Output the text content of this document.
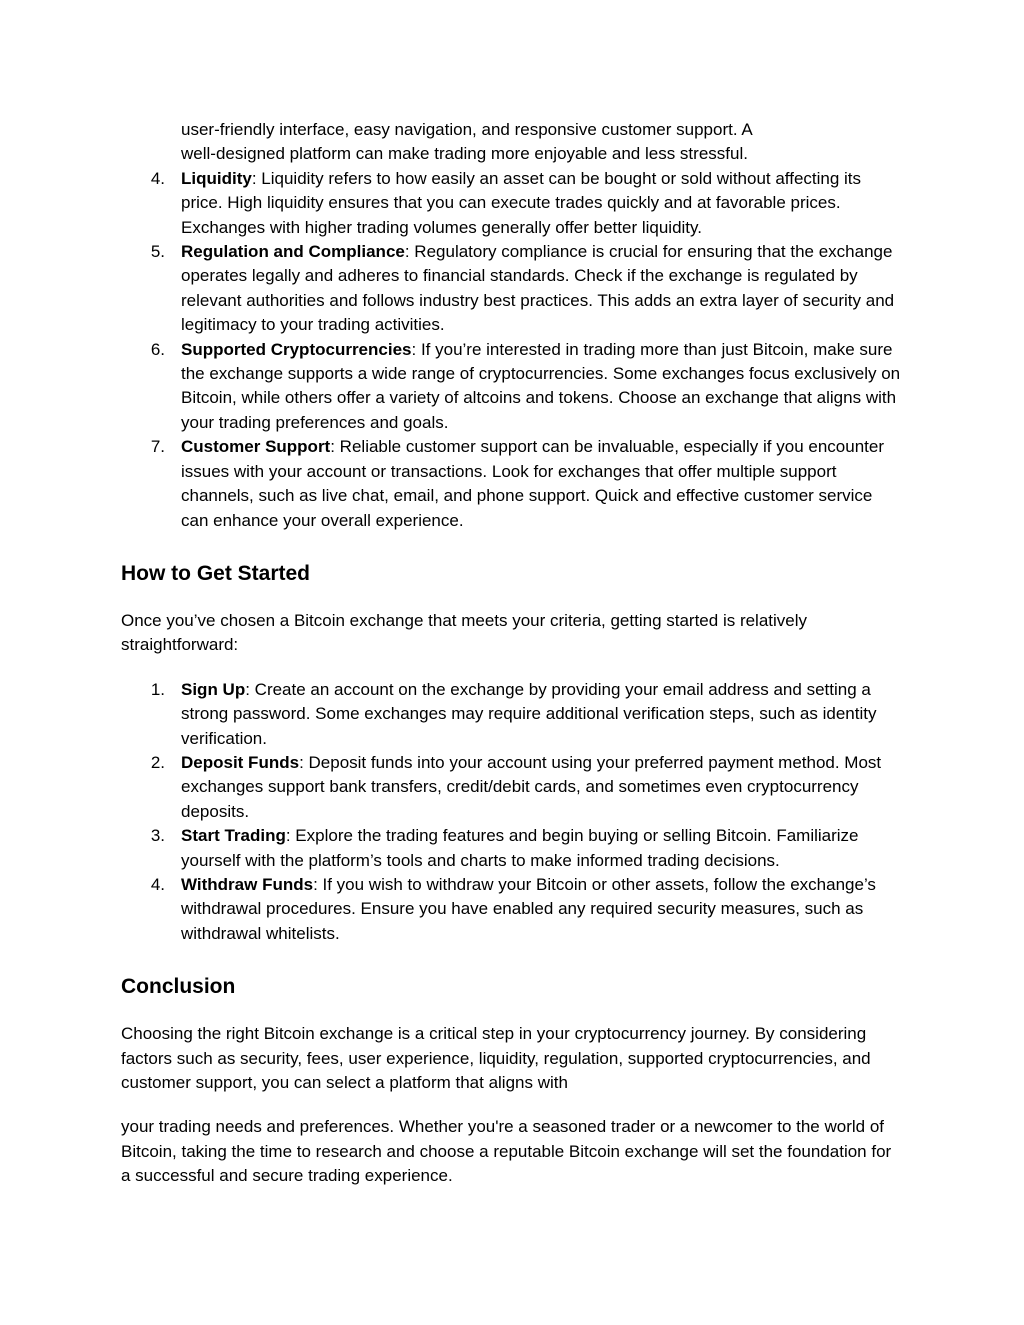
user-friendly interface, easy navigation, and responsive customer support. A
well-designed platform can make trading more enjoyable and less stressful.
4. Liquidity: Liquidity refers to how easily an asset can be bought or sold without affecting its price. High liquidity ensures that you can execute trades quickly and at favorable prices. Exchanges with higher trading volumes generally offer better liquidity.
5. Regulation and Compliance: Regulatory compliance is crucial for ensuring that the exchange operates legally and adheres to financial standards. Check if the exchange is regulated by relevant authorities and follows industry best practices. This adds an extra layer of security and legitimacy to your trading activities.
6. Supported Cryptocurrencies: If you’re interested in trading more than just Bitcoin, make sure the exchange supports a wide range of cryptocurrencies. Some exchanges focus exclusively on Bitcoin, while others offer a variety of altcoins and tokens. Choose an exchange that aligns with your trading preferences and goals.
7. Customer Support: Reliable customer support can be invaluable, especially if you encounter issues with your account or transactions. Look for exchanges that offer multiple support channels, such as live chat, email, and phone support. Quick and effective customer service can enhance your overall experience.
How to Get Started

Once you’ve chosen a Bitcoin exchange that meets your criteria, getting started is relatively straightforward:

1. Sign Up: Create an account on the exchange by providing your email address and setting a strong password. Some exchanges may require additional verification steps, such as identity verification.
2. Deposit Funds: Deposit funds into your account using your preferred payment method. Most exchanges support bank transfers, credit/debit cards, and sometimes even cryptocurrency deposits.
3. Start Trading: Explore the trading features and begin buying or selling Bitcoin. Familiarize yourself with the platform’s tools and charts to make informed trading decisions.
4. Withdraw Funds: If you wish to withdraw your Bitcoin or other assets, follow the exchange’s withdrawal procedures. Ensure you have enabled any required security measures, such as withdrawal whitelists.
Conclusion

Choosing the right Bitcoin exchange is a critical step in your cryptocurrency journey. By considering factors such as security, fees, user experience, liquidity, regulation, supported cryptocurrencies, and customer support, you can select a platform that aligns with

your trading needs and preferences. Whether you're a seasoned trader or a newcomer to the world of Bitcoin, taking the time to research and choose a reputable Bitcoin exchange will set the foundation for a successful and secure trading experience.
